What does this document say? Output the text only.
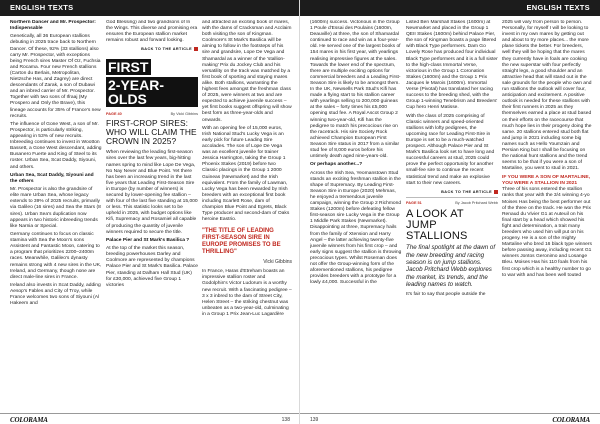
ENGLISH TEXTS

Northern Dancer and Mr. Prospector: Indispensable

Genetically, all 36 European stallions debuting in 2025 trace back to Northern Dancer. Of these, 92% (33 stallions) also carry Mr. Prospector, with exceptions being French sires Master Of Oz, Fuchsia and Rocama. Four new French stallions (Carton du Berlais, Metropolitan, Nietzsche Has, and Zagrey) are direct descendants of Zarak, a son of Dubawi and an inbred carrier of Mr. Prospector. Together with two sons of Ifraaj (My Prospero and Only the Brave), this lineage accounts for 35% of France's new recruits.

The influence of Gone West, a son of Mr. Prospector, is particularly striking, appearing in 53% of new recruits. Inbreeding continues to invest in Wootton Bassett, a Gone West descendant, adding Busanero Fuerte and King of Steel to its roster. Urban Sea, Scat Daddy, Siyouni, and others.

Urban Sea, Scat Daddy, Siyouni and the others

Mr. Prospector is also the grandsire of elite mare Urban Sea, whose legacy extends to 39% of 2025 recruits, primarily via Galileo (16 sires) and Sea the Stars (8 sires). Urban Sea's duplication now appears in two historic inbreeding trends like Narnia or Special.

Germany continues to focus on classic stamina with Sea the Moon's sons Assistent and Fantastic Moon, catering to a program that prioritizes 2200–2400m races. Meanwhile, Galileo's dynasty remains strong with 4 new sires in the UK, Ireland, and Germany, though none are direct male-line sires in France.

Ireland also invests in Scat Daddy, adding Aesop's Fables and City of Troy, while France welcomes two sons of Siyouni (Al Hakeem and

God Blessing) and two grandsons of In the Wings. This diverse and promising era ensures the European stallion market remains robust and forward looking.

BACK TO THE ARTICLE
FIRST
2-YEAR-OLDS
PAGE 40	By Vicki Gibbins
FIRST-CROP SIRES: WHO WILL CLAIM THE CROWN IN 2025?

When reviewing the leading first-season sires over the last few years, big-hitting names spring to mind like Lope De Vega, No Nay Never and Blue Point. Yet there has been an increasing trend in the last five years that Leading First-Season Sire in Europe (by number of winners) is secured by lower-opening fee stallion – with four of the last five standing at 15,000 or less. This statistic looks set to be upheld in 2025, with budget options like Kifi, Supremacy and Rosamiel all capable of producing the quantity of juvenile winners required to secure the title.

Palace Pier and St Mark's Basilica ?

At the top of the market this season, breeding powerhouses Darley and Coolmore are represented by champions Palace Pier and St Mark's Basilica. Palace Pier, standing at Dalham Hall Stud (UK) for £30,000, achieved five Group 1 victories

and attracted an exciting book of mares, with the dams of Cracksman and Acclaim both visiting the son of Kingman. Coolmore's St Mark's Basilica will be aiming to follow in the footsteps of his sire and grandsire, Lope De Vega and Shamardal as a winner of the 'stallion-making' Prix du Jockey Club and his versatility on the track was matched by a first book of sporting and staying mares alike. Both stallions, warranting the highest fees amongst the freshman class of 2025, were winners at two and are expected to achieve juvenile success – yet first books suggest offspring will show best form as three-year-olds and onwards.

With an opening fee of 15,000 euros, Irish National Stud's Lucky Vega is an early pick for future Leading Sire accolades. The son of Lope De Vega was an excellent juvenile for trainer Jessica Harrington, taking the Group 1 Phoenix Stakes (2019) before two Classic placings in the Group 1 2000 Guineas (Newmarket) and the Irish equivalent. From the family of Lawman, Lucky Vega has been rewarded by Irish breeders with an exceptional first book including Scarlett Rose, dam of champion Blue Point and Egrets, Black Type producer and second-dam of Oaks heroine Eastrio.

"THE TITLE OF LEADING FIRST-SEASON SIRE IN EUROPE PROMISES TO BE THRILLING"
Vicki Gibbins

In France, Haras d'Etreham boasts an impressive stallion roster and Godolphin's Victor Ludorum is a worthy new recruit. With a fascinating pedigree – 3 x 3 inbred to the dam of Street City, Helen Street – the striking chestnut was unbeaten as a two-year-old, culminating in a Group 1 Prix Jean-Luc Lagardère

COLORAMA	138
ENGLISH TEXTS

(1600m) success. Victorious in the Group 1 Poule d'Essai des Poulains (1600m, Deauville) at three, the son of Shamardal continued to race and win as a four-year-old. He served one of the largest books of 154 mares in his first year, with yearlings realising impressive figures at the sales. Towards the lower end of the spectrum, there are multiple exciting options for commercial breeders and a Leading First-Season Sire is likely to be amongst them. In the UK, Newsells Park Stud's Kifi has made a flying start to his stallion career with yearlings selling to 200,000 guineas at the sales – forty times his £5,000 opening stud fee. A Royal Ascot Group 2 winning two-year-old, Kifi has the pedigree to match his precocious rise on the racetrack. His sire Society Rock achieved Champion European First Season Sire status in 2017 from a similar stud fee of 8,000 euros before his untimely death aged nine-years-old.

Or perhaps another...?

Across the Irish Sea, Yeomanstown Stud stands an exciting freshman stallion in the shape of Supremacy. By Leading First-Season Sire in Europe (2020) Mehmas, he enjoyed a tremendous juvenile campaign, winning the Group 2 Richmond Stakes (1200m) before defeating fellow first-season sire Lucky Vega in the Group 1 Middle Park Stakes (Newmarket). Disappointing at three, Supremacy hails from the family of Xtension and Harry Angel – the latter achieving twenty-five juvenile winners from his first crop – and early signs suggest the stallion is throwing precocious types. Whilst Roseman does not offer the Group-winning form of the aforementioned stallions, his pedigree provides breeders with a prototype for a lowly £4,000. Successful in the

Listed Ben Marshall Stakes (1600m) at Newmarket and placed in the Group 1 QEII Stakes (1600m) behind Palace Pier, the son of Kingman boasts a page littered with Black Type performers. Dam Go Lovely Rose has produced four individual Black Type performers and it is a full sister to the high-class Immortal Verse, victorious in the Group 1 Coronation Stakes (1600m) and the Group 1 Prix Jacques le Marois (1600m). Immortal Verse (Pivotal) has translated her racing success to the breeding shed, with the Group 1-winning Tenebrism and Breeders' Cup hero Henri Matisse.

With the class of 2025 comprising of Classic winners and speed-oriented stallions with lofty pedigrees, the upcoming race for Leading First-Sire in Europe is set to be a much-watched prospect. Although Palace Pier and St Mark's Basilica look set to have long and successful careers at stud, 2025 could prove the perfect opportunity for another small-fee sire to continue the recent statistical trend and make an explosive start to their new careers.

BACK TO THE ARTICLE
PAGE 51	By Jacob Pritchard Webb
A LOOK AT
JUMP STALLIONS
The final spotlight at the dawn of the new breeding and racing season is on jump stallions. Jacob Pritchard Webb explores the market, its trends, and the leading names to watch.

It's fair to say that people outside the

2025 will vary from person to person. Personally, for myself I will be looking to invest in my own mares by getting out and about to try more places... the more plane tickets the better. For breeders, well they will be hoping that the mares they currently have in foals are cooking the new superstar with four perfectly straight legs, a good shoulder and an attractive head that will stand out in the sale grounds for the people who own and run stallions the outlook will cover four, anticipation and excitement. A positive outlook is needed for these stallions with their first runners in 2025 as they themselves earned a place at stud based on their efforts on the racecourse that much hope lies in their progeny doing the same. 20 stallions entered stud both flat and jump in 2021 including some big names such as Hello Youmzain and Persian King but I shall be focusing on the national hunt stallions and the trend seems to be that if you were a son of Martaline, you went to stud in 2021.

IF YOU WERE A SON OF MARTALINE, YOU WERE A STALLION IN 2021

Three of his sons entered the stallion ranks that year with the 3/4 winning 4-yo Moises Has being the best performer out of the three on the track. He won the Prix Renaud du Vivier G1 at Auteuil on his final start by a head which showed his fight and determination, a trait many breeders who used him will put on his progeny. He is a son of the mighty Martaline who bred 16 black type winners before passing away, including recent G1 winners Jontos Geronimo and Losange Bleu. Moises Has his 110 foals from his first crop which is a healthy number to go to war with and has been well touted

139	COLORAMA
